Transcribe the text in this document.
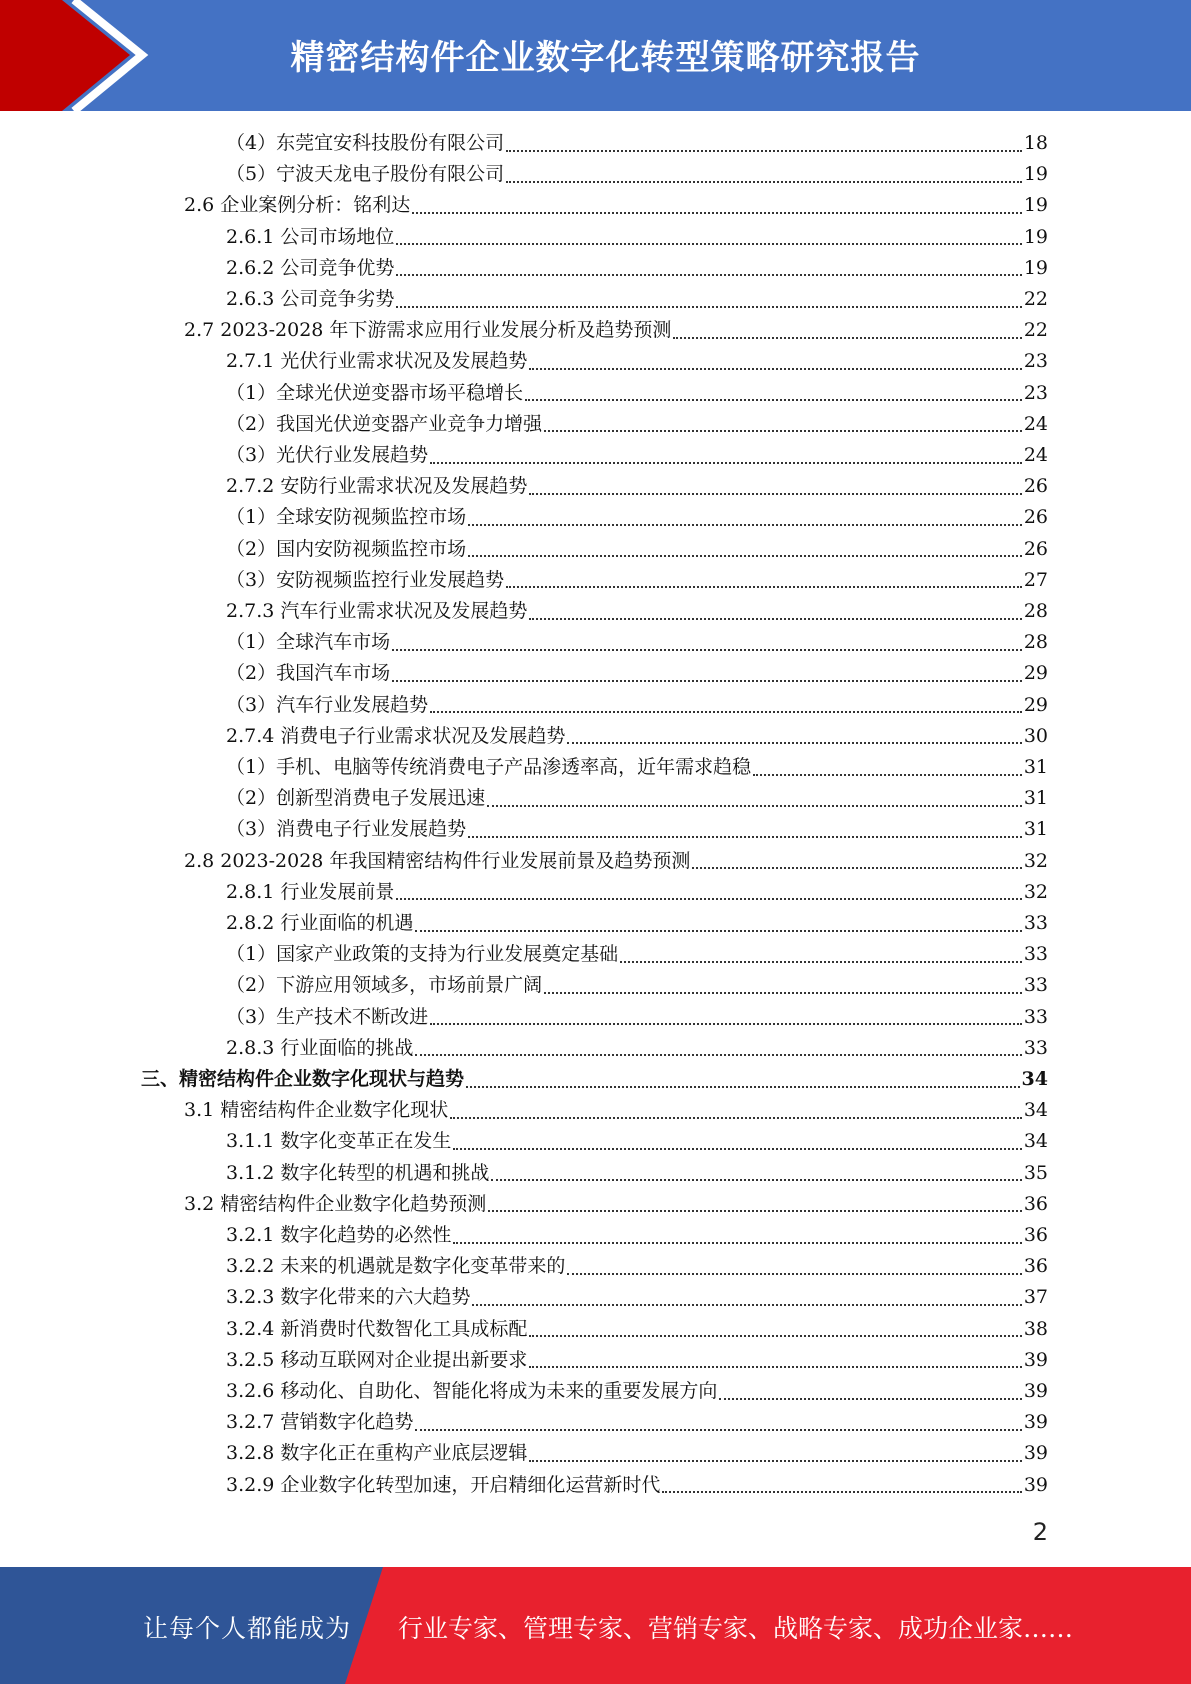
精密结构件企业数字化转型策略研究报告
（4）东莞宜安科技股份有限公司	18
（5）宁波天龙电子股份有限公司	19
2.6 企业案例分析：铭利达	19
2.6.1 公司市场地位	19
2.6.2 公司竞争优势	19
2.6.3 公司竞争劣势	22
2.7 2023-2028 年下游需求应用行业发展分析及趋势预测	22
2.7.1 光伏行业需求状况及发展趋势	23
（1）全球光伏逆变器市场平稳增长	23
（2）我国光伏逆变器产业竞争力增强	24
（3）光伏行业发展趋势	24
2.7.2 安防行业需求状况及发展趋势	26
（1）全球安防视频监控市场	26
（2）国内安防视频监控市场	26
（3）安防视频监控行业发展趋势	27
2.7.3 汽车行业需求状况及发展趋势	28
（1）全球汽车市场	28
（2）我国汽车市场	29
（3）汽车行业发展趋势	29
2.7.4 消费电子行业需求状况及发展趋势	30
（1）手机、电脑等传统消费电子产品渗透率高，近年需求趋稳	31
（2）创新型消费电子发展迅速	31
（3）消费电子行业发展趋势	31
2.8 2023-2028 年我国精密结构件行业发展前景及趋势预测	32
2.8.1 行业发展前景	32
2.8.2 行业面临的机遇	33
（1）国家产业政策的支持为行业发展奠定基础	33
（2）下游应用领域多，市场前景广阔	33
（3）生产技术不断改进	33
2.8.3 行业面临的挑战	33
三、精密结构件企业数字化现状与趋势	34
3.1 精密结构件企业数字化现状	34
3.1.1 数字化变革正在发生	34
3.1.2 数字化转型的机遇和挑战	35
3.2 精密结构件企业数字化趋势预测	36
3.2.1 数字化趋势的必然性	36
3.2.2 未来的机遇就是数字化变革带来的	36
3.2.3 数字化带来的六大趋势	37
3.2.4 新消费时代数智化工具成标配	38
3.2.5 移动互联网对企业提出新要求	39
3.2.6 移动化、自助化、智能化将成为未来的重要发展方向	39
3.2.7 营销数字化趋势	39
3.2.8 数字化正在重构产业底层逻辑	39
3.2.9 企业数字化转型加速，开启精细化运营新时代	39
2
让每个人都能成为 行业专家、管理专家、营销专家、战略专家、成功企业家……
